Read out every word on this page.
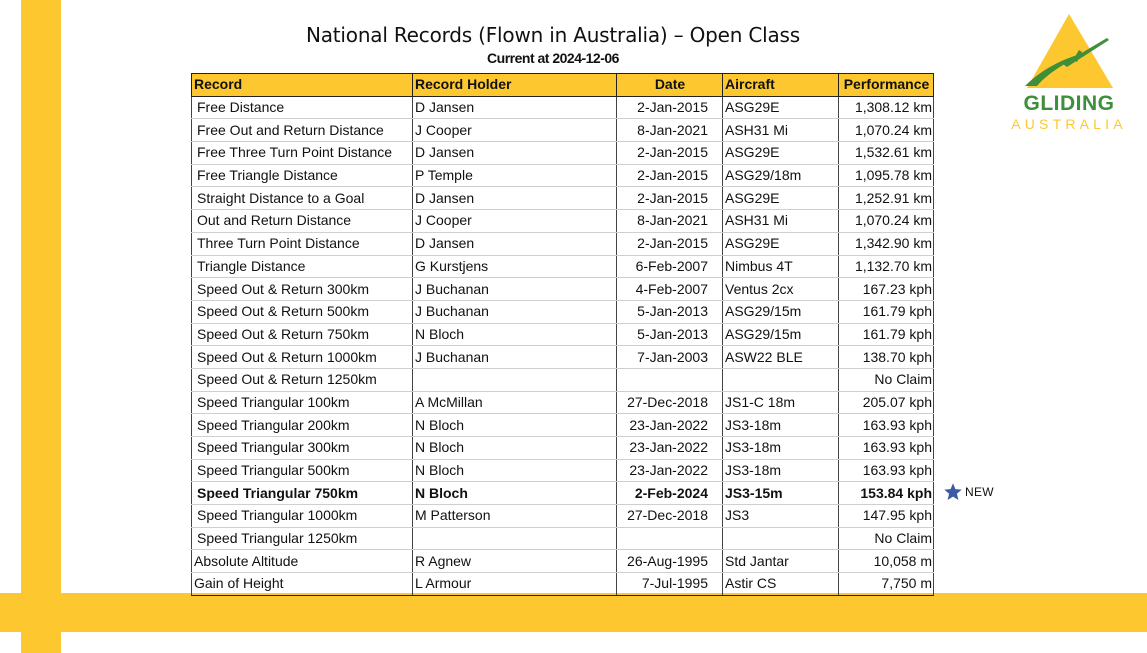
National Records (Flown in Australia) – Open Class
Current at 2024-12-06
Record	Record Holder	Date	Aircraft	Performance
Free Distance	D Jansen	2-Jan-2015	ASG29E	1,308.12 km
Free Out and Return Distance	J Cooper	8-Jan-2021	ASH31 Mi	1,070.24 km
Free Three Turn Point Distance	D Jansen	2-Jan-2015	ASG29E	1,532.61 km
Free Triangle Distance	P Temple	2-Jan-2015	ASG29/18m	1,095.78 km
Straight Distance to a Goal	D Jansen	2-Jan-2015	ASG29E	1,252.91 km
Out and Return Distance	J Cooper	8-Jan-2021	ASH31 Mi	1,070.24 km
Three Turn Point Distance	D Jansen	2-Jan-2015	ASG29E	1,342.90 km
Triangle Distance	G Kurstjens	6-Feb-2007	Nimbus 4T	1,132.70 km
Speed Out & Return 300km	J Buchanan	4-Feb-2007	Ventus 2cx	167.23 kph
Speed Out & Return 500km	J Buchanan	5-Jan-2013	ASG29/15m	161.79 kph
Speed Out & Return 750km	N Bloch	5-Jan-2013	ASG29/15m	161.79 kph
Speed Out & Return 1000km	J Buchanan	7-Jan-2003	ASW22 BLE	138.70 kph
Speed Out & Return 1250km				No Claim
Speed Triangular 100km	A McMillan	27-Dec-2018	JS1-C 18m	205.07 kph
Speed Triangular 200km	N Bloch	23-Jan-2022	JS3-18m	163.93 kph
Speed Triangular 300km	N Bloch	23-Jan-2022	JS3-18m	163.93 kph
Speed Triangular 500km	N Bloch	23-Jan-2022	JS3-18m	163.93 kph
Speed Triangular 750km	N Bloch	2-Feb-2024	JS3-15m	153.84 kph
Speed Triangular 1000km	M Patterson	27-Dec-2018	JS3	147.95 kph
Speed Triangular 1250km				No Claim
Absolute Altitude	R Agnew	26-Aug-1995	Std Jantar	10,058 m
Gain of Height	L Armour	7-Jul-1995	Astir CS	7,750 m
NEW
GLIDING
AUSTRALIA
